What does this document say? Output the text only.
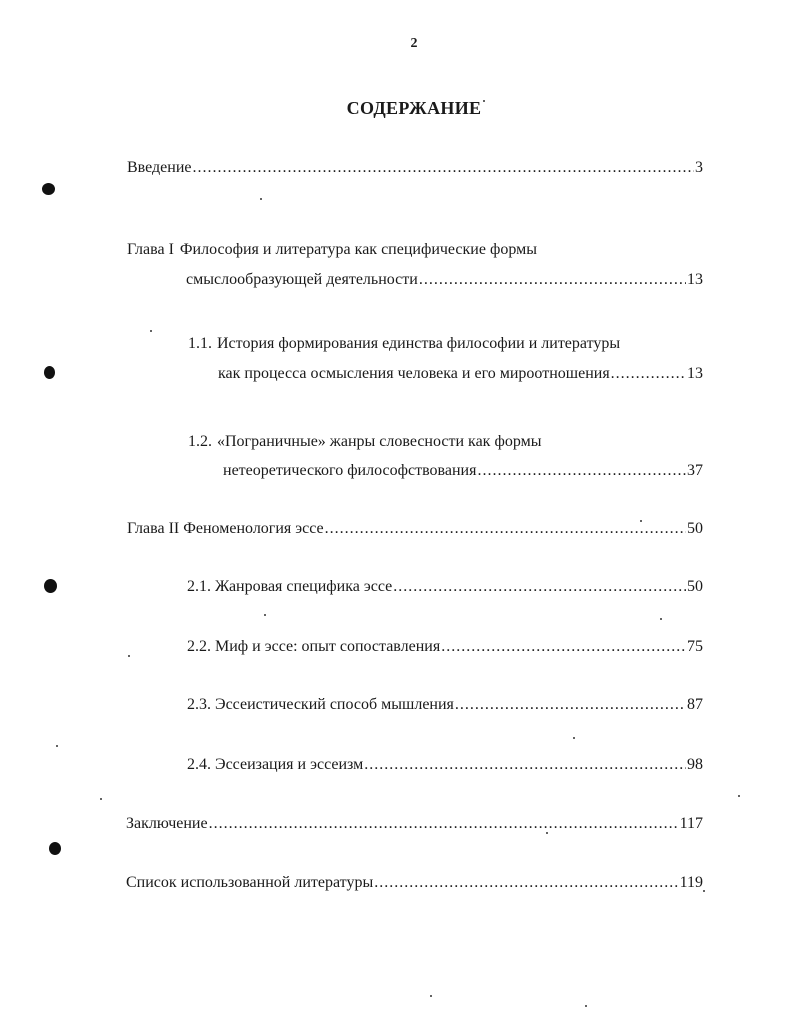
2
СОДЕРЖАНИЕ
Введение .....	3
Глава I Философия и литература как специфические формы
смыслообразующей деятельности .....	13
1.1. История формирования единства философии и литературы
как процесса осмысления человека и его мироотношения .....	13
1.2. «Пограничные» жанры словесности как формы
нетеоретического философствования .....	37
Глава II Феноменология эссе .....	50
2.1. Жанровая специфика эссе .....	50
2.2. Миф и эссе: опыт сопоставления .....	75
2.3. Эссеистический способ мышления .....	87
2.4. Эссеизация и эссеизм .....	98
Заключение .....	117
Список использованной литературы .....	119
